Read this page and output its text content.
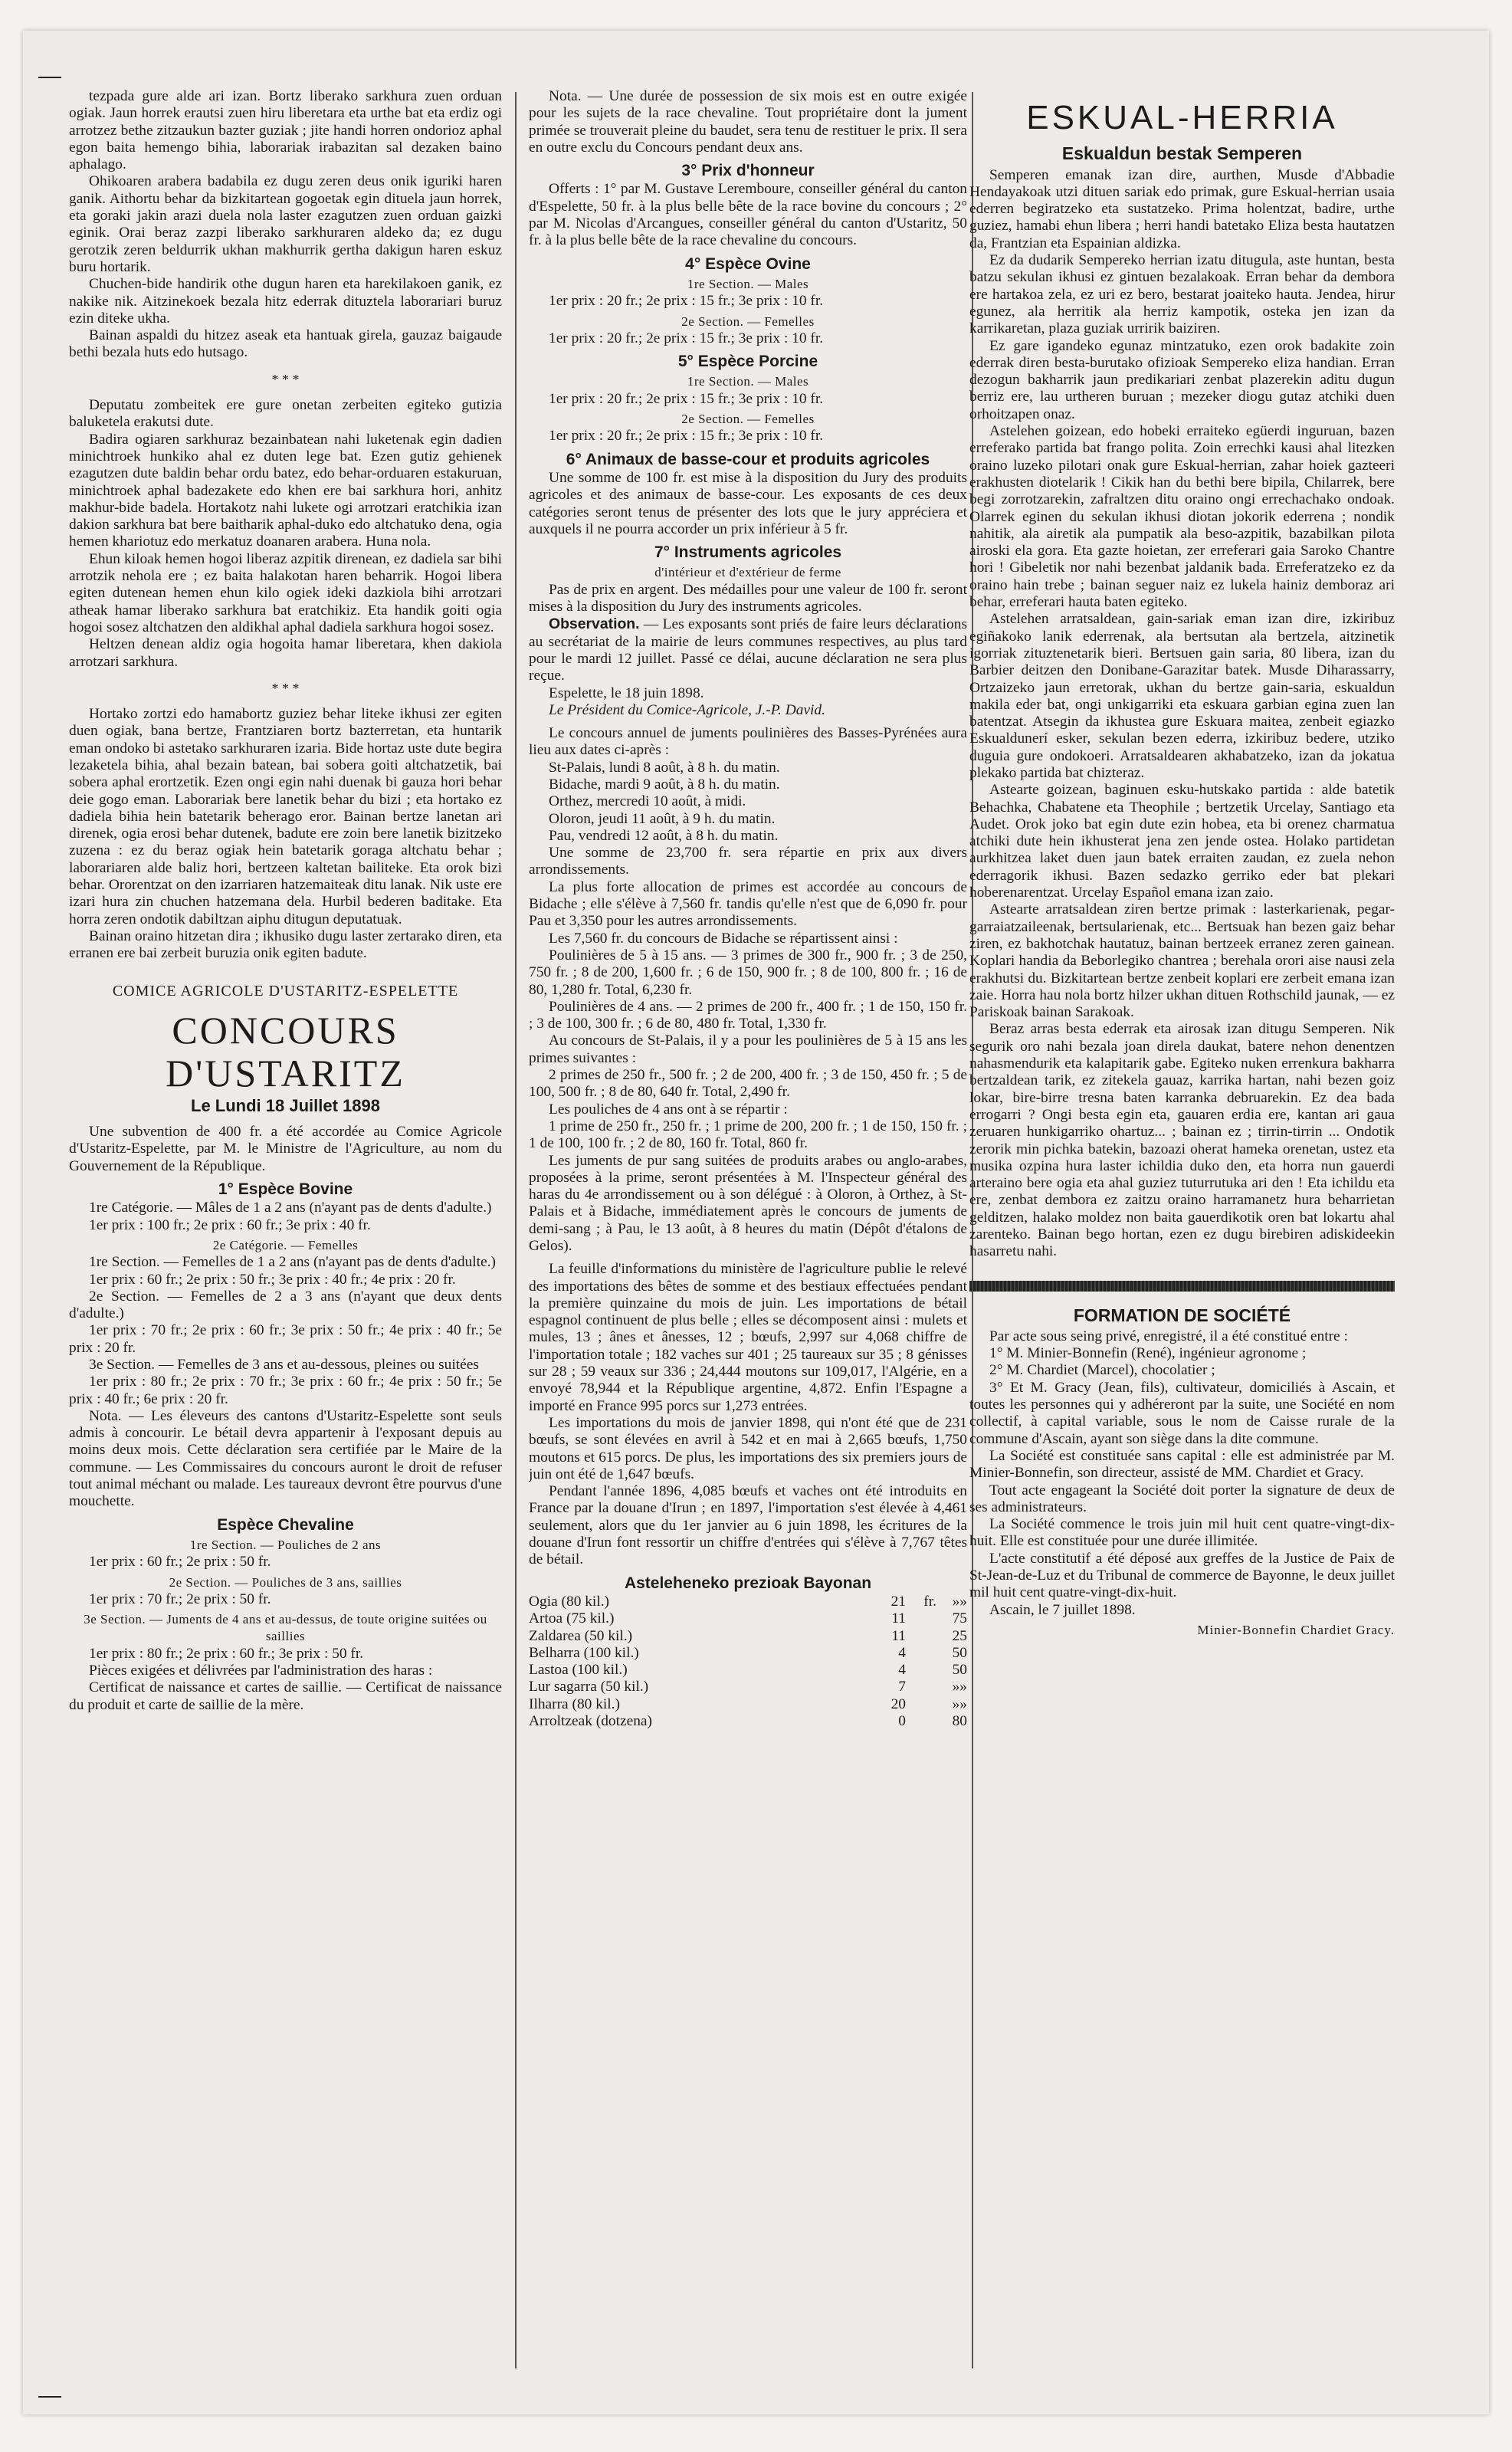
tezpada gure alde ari izan. Bortz liberako sarkhura zuen orduan ogiak. Jaun horrek erautsi zuen hiru liberetara eta urthe bat eta erdiz ogi arrotzez bethe zitzaukun bazter guziak ; jite handi horren ondorioz aphal egon baita hemengo bihia, laborariak irabazitan sal dezaken baino aphalago.

Ohikoaren arabera badabila ez dugu zeren deus onik iguriki haren ganik. Aithortu behar da bizkitartean gogoetak egin dituela jaun horrek, eta goraki jakin arazi duela nola laster ezagutzen zuen orduan gaizki eginik. Orai beraz zazpi liberako sarkhuraren aldeko da; ez dugu gerotzik zeren beldurrik ukhan makhurrik gertha dakigun haren eskuz buru hortarik.

Chuchen-bide handirik othe dugun haren eta harekilakoen ganik, ez nakike nik. Aitzinekoek bezala hitz ederrak dituztela laborariari buruz ezin diteke ukha.

Bainan aspaldi du hitzez aseak eta hantuak girela, gauzaz baigaude bethi bezala huts edo hutsago.

* * *

Deputatu zombeitek ere gure onetan zerbeiten egiteko gutizia baluketela erakutsi dute.

Badira ogiaren sarkhuraz bezainbatean nahi luketenak egin dadien minichtroek hunkiko ahal ez duten lege bat. Ezen gutiz gehienek ezagutzen dute baldin behar ordu batez, edo behar-orduaren estakuruan, minichtroek aphal badezakete edo khen ere bai sarkhura hori, anhitz makhur-bide badela. Hortakotz nahi lukete ogi arrotzari eratchikia izan dakion sarkhura bat bere baitharik aphal-duko edo altchatuko dena, ogia hemen khariotuz edo merkatuz doanaren arabera. Huna nola.

Ehun kiloak hemen hogoi liberaz azpitik direnean, ez dadiela sar bihi arrotzik nehola ere ; ez baita halakotan haren beharrik. Hogoi libera egiten dutenean hemen ehun kilo ogiek ideki dazkiola bihi arrotzari atheak hamar liberako sarkhura bat eratchikiz. Eta handik goiti ogia hogoi sosez altchatzen den aldikhal aphal dadiela sarkhura hogoi sosez.

Heltzen denean aldiz ogia hogoita hamar liberetara, khen dakiola arrotzari sarkhura.

* * *

Hortako zortzi edo hamabortz guziez behar liteke ikhusi zer egiten duen ogiak, bana bertze, Frantziaren bortz bazterretan, eta huntarik eman ondoko bi astetako sarkhuraren izaria. Bide hortaz uste dute begira lezaketela bihia, ahal bezain batean, bai sobera goiti altchatzetik, bai sobera aphal erortzetik. Ezen ongi egin nahi duenak bi gauza hori behar deie gogo eman. Laborariak bere lanetik behar du bizi ; eta hortako ez dadiela bihia hein batetarik beherago eror. Bainan bertze lanetan ari direnek, ogia erosi behar dutenek, badute ere zoin bere lanetik bizitzeko zuzena : ez du beraz ogiak hein batetarik goraga altchatu behar ; laborariaren alde baliz hori, bertzeen kaltetan bailiteke. Eta orok bizi behar. Ororentzat on den izarriaren hatzemaiteak ditu lanak. Nik uste ere izari hura zin chuchen hatzemana dela. Hurbil bederen baditake. Eta horra zeren ondotik dabiltzan aiphu ditugun deputatuak.

Bainan oraino hitzetan dira ; ikhusiko dugu laster zertarako diren, eta erranen ere bai zerbeit buruzia onik egiten badute.

COMICE AGRICOLE D'USTARITZ-ESPELETTE
CONCOURS D'USTARITZ
Le Lundi 18 Juillet 1898

Une subvention de 400 fr. a été accordée au Comice Agricole d'Ustaritz-Espelette, par M. le Ministre de l'Agriculture, au nom du Gouvernement de la République.

1° Espèce Bovine

1re Catégorie. — Mâles de 1 a 2 ans (n'ayant pas de dents d'adulte.)

1er prix : 100 fr.; 2e prix : 60 fr.; 3e prix : 40 fr.

2e Catégorie. — Femelles

1re Section. — Femelles de 1 a 2 ans (n'ayant pas de dents d'adulte.)

1er prix : 60 fr.; 2e prix : 50 fr.; 3e prix : 40 fr.; 4e prix : 20 fr.

2e Section. — Femelles de 2 a 3 ans (n'ayant que deux dents d'adulte.)

1er prix : 70 fr.; 2e prix : 60 fr.; 3e prix : 50 fr.; 4e prix : 40 fr.; 5e prix : 20 fr.

3e Section. — Femelles de 3 ans et au-dessous, pleines ou suitées

1er prix : 80 fr.; 2e prix : 70 fr.; 3e prix : 60 fr.; 4e prix : 50 fr.; 5e prix : 40 fr.; 6e prix : 20 fr.

Nota. — Les éleveurs des cantons d'Ustaritz-Espelette sont seuls admis à concourir. Le bétail devra appartenir à l'exposant depuis au moins deux mois. Cette déclaration sera certifiée par le Maire de la commune. — Les Commissaires du concours auront le droit de refuser tout animal méchant ou malade. Les taureaux devront être pourvus d'une mouchette.

Espèce Chevaline
1re Section. — Pouliches de 2 ans

1er prix : 60 fr.; 2e prix : 50 fr.

2e Section. — Pouliches de 3 ans, saillies

1er prix : 70 fr.; 2e prix : 50 fr.

3e Section. — Juments de 4 ans et au-dessus, de toute origine suitées ou saillies

1er prix : 80 fr.; 2e prix : 60 fr.; 3e prix : 50 fr.

Pièces exigées et délivrées par l'administration des haras :

Certificat de naissance et cartes de saillie. — Certificat de naissance du produit et carte de saillie de la mère.

Nota. — Une durée de possession de six mois est en outre exigée pour les sujets de la race chevaline. Tout propriétaire dont la jument primée se trouverait pleine du baudet, sera tenu de restituer le prix. Il sera en outre exclu du Concours pendant deux ans.

3° Prix d'honneur

Offerts : 1° par M. Gustave Leremboure, conseiller général du canton d'Espelette, 50 fr. à la plus belle bête de la race bovine du concours ; 2° par M. Nicolas d'Arcangues, conseiller général du canton d'Ustaritz, 50 fr. à la plus belle bête de la race chevaline du concours.

4° Espèce Ovine
1re Section. — Males

1er prix : 20 fr.; 2e prix : 15 fr.; 3e prix : 10 fr.

2e Section. — Femelles

1er prix : 20 fr.; 2e prix : 15 fr.; 3e prix : 10 fr.

5° Espèce Porcine
1re Section. — Males

1er prix : 20 fr.; 2e prix : 15 fr.; 3e prix : 10 fr.

2e Section. — Femelles

1er prix : 20 fr.; 2e prix : 15 fr.; 3e prix : 10 fr.

6° Animaux de basse-cour et produits agricoles

Une somme de 100 fr. est mise à la disposition du Jury des produits agricoles et des animaux de basse-cour. Les exposants de ces deux catégories seront tenus de présenter des lots que le jury appréciera et auxquels il ne pourra accorder un prix inférieur à 5 fr.

7° Instruments agricoles
d'intérieur et d'extérieur de ferme

Pas de prix en argent. Des médailles pour une valeur de 100 fr. seront mises à la disposition du Jury des instruments agricoles.

Observation. — Les exposants sont priés de faire leurs déclarations au secrétariat de la mairie de leurs communes respectives, au plus tard pour le mardi 12 juillet. Passé ce délai, aucune déclaration ne sera plus reçue.

Espelette, le 18 juin 1898.

Le Président du Comice-Agricole, J.-P. David.

Le concours annuel de juments poulinières des Basses-Pyrénées aura lieu aux dates ci-après :

St-Palais, lundi 8 août, à 8 h. du matin.

Bidache, mardi 9 août, à 8 h. du matin.

Orthez, mercredi 10 août, à midi.

Oloron, jeudi 11 août, à 9 h. du matin.

Pau, vendredi 12 août, à 8 h. du matin.

Une somme de 23,700 fr. sera répartie en prix aux divers arrondissements.

La plus forte allocation de primes est accordée au concours de Bidache ; elle s'élève à 7,560 fr. tandis qu'elle n'est que de 6,090 fr. pour Pau et 3,350 pour les autres arrondissements.

Les 7,560 fr. du concours de Bidache se répartissent ainsi :

Poulinières de 5 à 15 ans. — 3 primes de 300 fr., 900 fr. ; 3 de 250, 750 fr. ; 8 de 200, 1,600 fr. ; 6 de 150, 900 fr. ; 8 de 100, 800 fr. ; 16 de 80, 1,280 fr. Total, 6,230 fr.

Poulinières de 4 ans. — 2 primes de 200 fr., 400 fr. ; 1 de 150, 150 fr. ; 3 de 100, 300 fr. ; 6 de 80, 480 fr. Total, 1,330 fr.

Au concours de St-Palais, il y a pour les poulinières de 5 à 15 ans les primes suivantes :

2 primes de 250 fr., 500 fr. ; 2 de 200, 400 fr. ; 3 de 150, 450 fr. ; 5 de 100, 500 fr. ; 8 de 80, 640 fr. Total, 2,490 fr.

Les pouliches de 4 ans ont à se répartir :

1 prime de 250 fr., 250 fr. ; 1 prime de 200, 200 fr. ; 1 de 150, 150 fr. ; 1 de 100, 100 fr. ; 2 de 80, 160 fr. Total, 860 fr.

Les juments de pur sang suitées de produits arabes ou anglo-arabes, proposées à la prime, seront présentées à M. l'Inspecteur général des haras du 4e arrondissement ou à son délégué : à Oloron, à Orthez, à St-Palais et à Bidache, immédiatement après le concours de juments de demi-sang ; à Pau, le 13 août, à 8 heures du matin (Dépôt d'étalons de Gelos).

La feuille d'informations du ministère de l'agriculture publie le relevé des importations des bêtes de somme et des bestiaux effectuées pendant la première quinzaine du mois de juin. Les importations de bétail espagnol continuent de plus belle ; elles se décomposent ainsi : mulets et mules, 13 ; ânes et ânesses, 12 ; bœufs, 2,997 sur 4,068 chiffre de l'importation totale ; 182 vaches sur 401 ; 25 taureaux sur 35 ; 8 génisses sur 28 ; 59 veaux sur 336 ; 24,444 moutons sur 109,017, l'Algérie, en a envoyé 78,944 et la République argentine, 4,872. Enfin l'Espagne a importé en France 995 porcs sur 1,273 entrées.

Les importations du mois de janvier 1898, qui n'ont été que de 231 bœufs, se sont élevées en avril à 542 et en mai à 2,665 bœufs, 1,750 moutons et 615 porcs. De plus, les importations des six premiers jours de juin ont été de 1,647 bœufs.

Pendant l'année 1896, 4,085 bœufs et vaches ont été introduits en France par la douane d'Irun ; en 1897, l'importation s'est élevée à 4,461 seulement, alors que du 1er janvier au 6 juin 1898, les écritures de la douane d'Irun font ressortir un chiffre d'entrées qui s'élève à 7,767 têtes de bétail.

Asteleheneko prezioak Bayonan
Ogia (80 kil.)	21	fr.	»»
Artoa (75 kil.)	11		75
Zaldarea (50 kil.)	11		25
Belharra (100 kil.)	4		50
Lastoa (100 kil.)	4		50
Lur sagarra (50 kil.)	7		»»
Ilharra (80 kil.)	20		»»
Arroltzeak (dotzena)	0		80
ESKUAL-HERRIA
Eskualdun bestak Semperen

Semperen emanak izan dire, aurthen, Musde d'Abbadie Hendayakoak utzi dituen sariak edo primak, gure Eskual-herrian usaia ederren begiratzeko eta sustatzeko. Prima holentzat, badire, urthe guziez, hamabi ehun libera ; herri handi batetako Eliza besta hautatzen da, Frantzian eta Espainian aldizka.

Ez da dudarik Sempereko herrian izatu ditugula, aste huntan, besta batzu sekulan ikhusi ez gintuen bezalakoak. Erran behar da dembora ere hartakoa zela, ez uri ez bero, bestarat joaiteko hauta. Jendea, hirur egunez, ala herritik ala herriz kampotik, osteka jen izan da karrikaretan, plaza guziak urririk baiziren.

Ez gare igandeko egunaz mintzatuko, ezen orok badakite zoin ederrak diren besta-burutako ofizioak Sempereko eliza handian. Erran dezogun bakharrik jaun predikariari zenbat plazerekin aditu dugun berriz ere, lau urtheren buruan ; mezeker diogu gutaz atchiki duen orhoitzapen onaz.

Astelehen goizean, edo hobeki erraiteko egüerdi inguruan, bazen erreferako partida bat frango polita. Zoin errechki kausi ahal litezken oraino luzeko pilotari onak gure Eskual-herrian, zahar hoiek gazteeri erakhusten diotelarik ! Cikik han du bethi bere bipila, Chilarrek, bere begi zorrotzarekin, zafraltzen ditu oraino ongi errechachako ondoak. Olarrek eginen du sekulan ikhusi diotan jokorik ederrena ; nondik nahitik, ala airetik ala pumpatik ala beso-azpitik, bazabilkan pilota airoski ela gora. Eta gazte hoietan, zer erreferari gaia Saroko Chantre hori ! Gibeletik nor nahi bezenbat jaldanik bada. Erreferatzeko ez da oraino hain trebe ; bainan seguer naiz ez lukela hainiz demboraz ari behar, erreferari hauta baten egiteko.

Astelehen arratsaldean, gain-sariak eman izan dire, izkiribuz egiñakoko lanik ederrenak, ala bertsutan ala bertzela, aitzinetik igorriak zituztenetarik bieri. Bertsuen gain saria, 80 libera, izan du Barbier deitzen den Donibane-Garazitar batek. Musde Diharassarry, Ortzaizeko jaun erretorak, ukhan du bertze gain-saria, eskualdun makila eder bat, ongi unkigarriki eta eskuara garbian egina zuen lan batentzat. Atsegin da ikhustea gure Eskuara maitea, zenbeit egiazko Eskualdunerí esker, sekulan bezen ederra, izkiribuz bedere, utziko duguia gure ondokoeri. Arratsaldearen akhabatzeko, izan da jokatua plekako partida bat chizteraz.

Astearte goizean, baginuen esku-hutskako partida : alde batetik Behachka, Chabatene eta Theophile ; bertzetik Urcelay, Santiago eta Audet. Orok joko bat egin dute ezin hobea, eta bi orenez charmatua atchiki dute hein ikhusterat jena zen jende ostea. Holako partidetan aurkhitzea laket duen jaun batek erraiten zaudan, ez zuela nehon ederragorik ikhusi. Bazen sedazko gerriko eder bat plekari hoberenarentzat. Urcelay Español emana izan zaio.

Astearte arratsaldean ziren bertze primak : lasterkarienak, pegar-garraiatzaileenak, bertsularienak, etc... Bertsuak han bezen gaiz behar ziren, ez bakhotchak hautatuz, bainan bertzeek erranez zeren gainean. Koplari handia da Beborlegiko chantrea ; berehala orori aise nausi zela erakhutsi du. Bizkitartean bertze zenbeit koplari ere zerbeit emana izan zaie. Horra hau nola bortz hilzer ukhan dituen Rothschild jaunak, — ez Pariskoak bainan Sarakoak.

Beraz arras besta ederrak eta airosak izan ditugu Semperen. Nik segurik oro nahi bezala joan direla daukat, batere nehon denentzen nahasmendurik eta kalapitarik gabe. Egiteko nuken errenkura bakharra bertzaldean tarik, ez zitekela gauaz, karrika hartan, nahi bezen goiz lokar, bire-birre tresna baten karranka debruarekin. Ez dea bada errogarri ? Ongi besta egin eta, gauaren erdia ere, kantan ari gaua zeruaren hunkigarriko ohartuz... ; bainan ez ; tirrin-tirrin ... Ondotik zerorik min pichka batekin, bazoazi oherat hameka orenetan, ustez eta musika ozpina hura laster ichildia duko den, eta horra nun gauerdi arteraino bere ogia eta ahal guziez tuturrutuka ari den ! Eta ichildu eta ere, zenbat dembora ez zaitzu oraino harramanetz hura beharrietan gelditzen, halako moldez non baita gauerdikotik oren bat lokartu ahal zarenteko. Bainan bego hortan, ezen ez dugu birebiren adiskideekin hasarretu nahi.

FORMATION DE SOCIÉTÉ

Par acte sous seing privé, enregistré, il a été constitué entre :

1° M. Minier-Bonnefin (René), ingénieur agronome ;

2° M. Chardiet (Marcel), chocolatier ;

3° Et M. Gracy (Jean, fils), cultivateur, domiciliés à Ascain, et toutes les personnes qui y adhéreront par la suite, une Société en nom collectif, à capital variable, sous le nom de Caisse rurale de la commune d'Ascain, ayant son siège dans la dite commune.

La Société est constituée sans capital : elle est administrée par M. Minier-Bonnefin, son directeur, assisté de MM. Chardiet et Gracy.

Tout acte engageant la Société doit porter la signature de deux de ses administrateurs.

La Société commence le trois juin mil huit cent quatre-vingt-dix-huit. Elle est constituée pour une durée illimitée.

L'acte constitutif a été déposé aux greffes de la Justice de Paix de St-Jean-de-Luz et du Tribunal de commerce de Bayonne, le deux juillet mil huit cent quatre-vingt-dix-huit.

Ascain, le 7 juillet 1898.

Minier-Bonnefin Chardiet Gracy.
